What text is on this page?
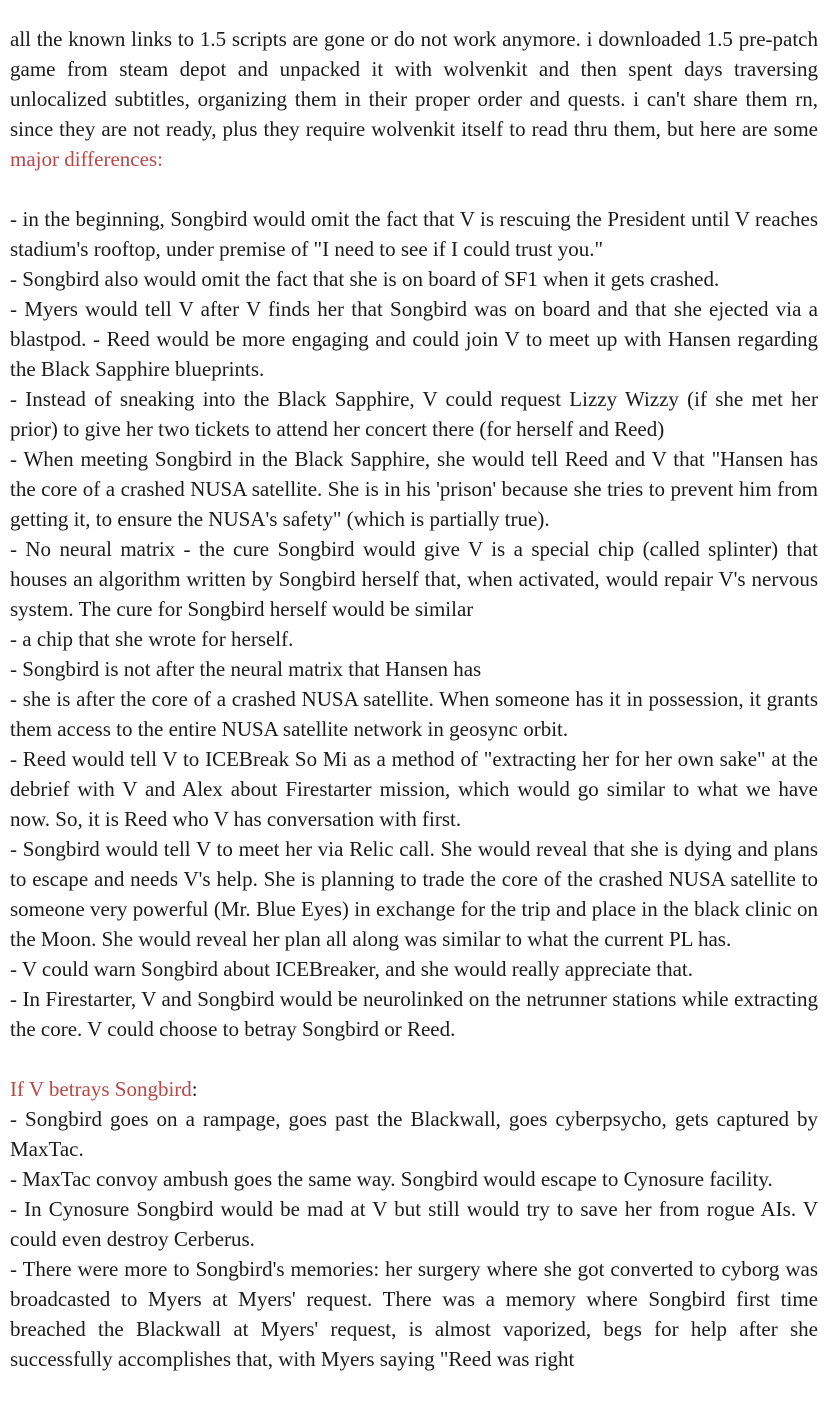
all the known links to 1.5 scripts are gone or do not work anymore. i downloaded 1.5 pre-patch game from steam depot and unpacked it with wolvenkit and then spent days traversing unlocalized subtitles, organizing them in their proper order and quests. i can't share them rn, since they are not ready, plus they require wolvenkit itself to read thru them, but here are some major differences:

- in the beginning, Songbird would omit the fact that V is rescuing the President until V reaches stadium's rooftop, under premise of "I need to see if I could trust you."

- Songbird also would omit the fact that she is on board of SF1 when it gets crashed.

- Myers would tell V after V finds her that Songbird was on board and that she ejected via a blastpod. - Reed would be more engaging and could join V to meet up with Hansen regarding the Black Sapphire blueprints.

- Instead of sneaking into the Black Sapphire, V could request Lizzy Wizzy (if she met her prior) to give her two tickets to attend her concert there (for herself and Reed)

- When meeting Songbird in the Black Sapphire, she would tell Reed and V that "Hansen has the core of a crashed NUSA satellite. She is in his 'prison' because she tries to prevent him from getting it, to ensure the NUSA's safety" (which is partially true).

- No neural matrix - the cure Songbird would give V is a special chip (called splinter) that houses an algorithm written by Songbird herself that, when activated, would repair V's nervous system. The cure for Songbird herself would be similar

- a chip that she wrote for herself.

- Songbird is not after the neural matrix that Hansen has

- she is after the core of a crashed NUSA satellite. When someone has it in possession, it grants them access to the entire NUSA satellite network in geosync orbit.

- Reed would tell V to ICEBreak So Mi as a method of "extracting her for her own sake" at the debrief with V and Alex about Firestarter mission, which would go similar to what we have now. So, it is Reed who V has conversation with first.

- Songbird would tell V to meet her via Relic call. She would reveal that she is dying and plans to escape and needs V's help. She is planning to trade the core of the crashed NUSA satellite to someone very powerful (Mr. Blue Eyes) in exchange for the trip and place in the black clinic on the Moon. She would reveal her plan all along was similar to what the current PL has.

- V could warn Songbird about ICEBreaker, and she would really appreciate that.

- In Firestarter, V and Songbird would be neurolinked on the netrunner stations while extracting the core. V could choose to betray Songbird or Reed.

If V betrays Songbird:

- Songbird goes on a rampage, goes past the Blackwall, goes cyberpsycho, gets captured by MaxTac.

- MaxTac convoy ambush goes the same way. Songbird would escape to Cynosure facility.

- In Cynosure Songbird would be mad at V but still would try to save her from rogue AIs. V could even destroy Cerberus.

- There were more to Songbird's memories: her surgery where she got converted to cyborg was broadcasted to Myers at Myers' request. There was a memory where Songbird first time breached the Blackwall at Myers' request, is almost vaporized, begs for help after she successfully accomplishes that, with Myers saying "Reed was right
